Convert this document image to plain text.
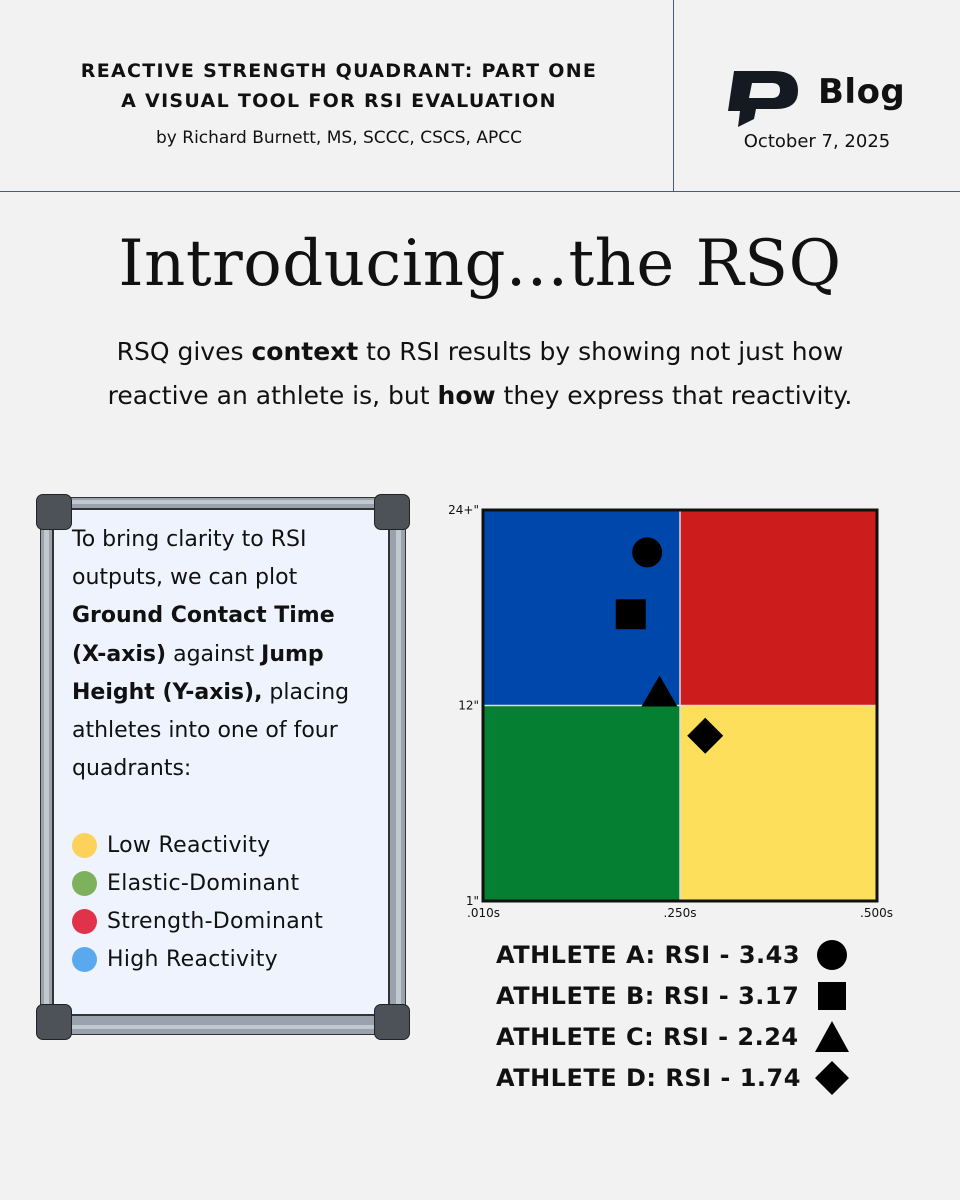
REACTIVE STRENGTH QUADRANT: PART ONE
A VISUAL TOOL FOR RSI EVALUATION
by Richard Burnett, MS, SCCC, CSCS, APCC
Blog
October 7, 2025
Introducing...the RSQ
RSQ gives context to RSI results by showing not just how reactive an athlete is, but how they express that reactivity.
To bring clarity to RSI outputs, we can plot Ground Contact Time (X-axis) against Jump Height (Y-axis), placing athletes into one of four quadrants:
Low Reactivity
Elastic-Dominant
Strength-Dominant
High Reactivity
24+"
12"
1"
.010s	.250s	.500s
ATHLETE A: RSI - 3.43
ATHLETE B: RSI - 3.17
ATHLETE C: RSI - 2.24
ATHLETE D: RSI - 1.74
